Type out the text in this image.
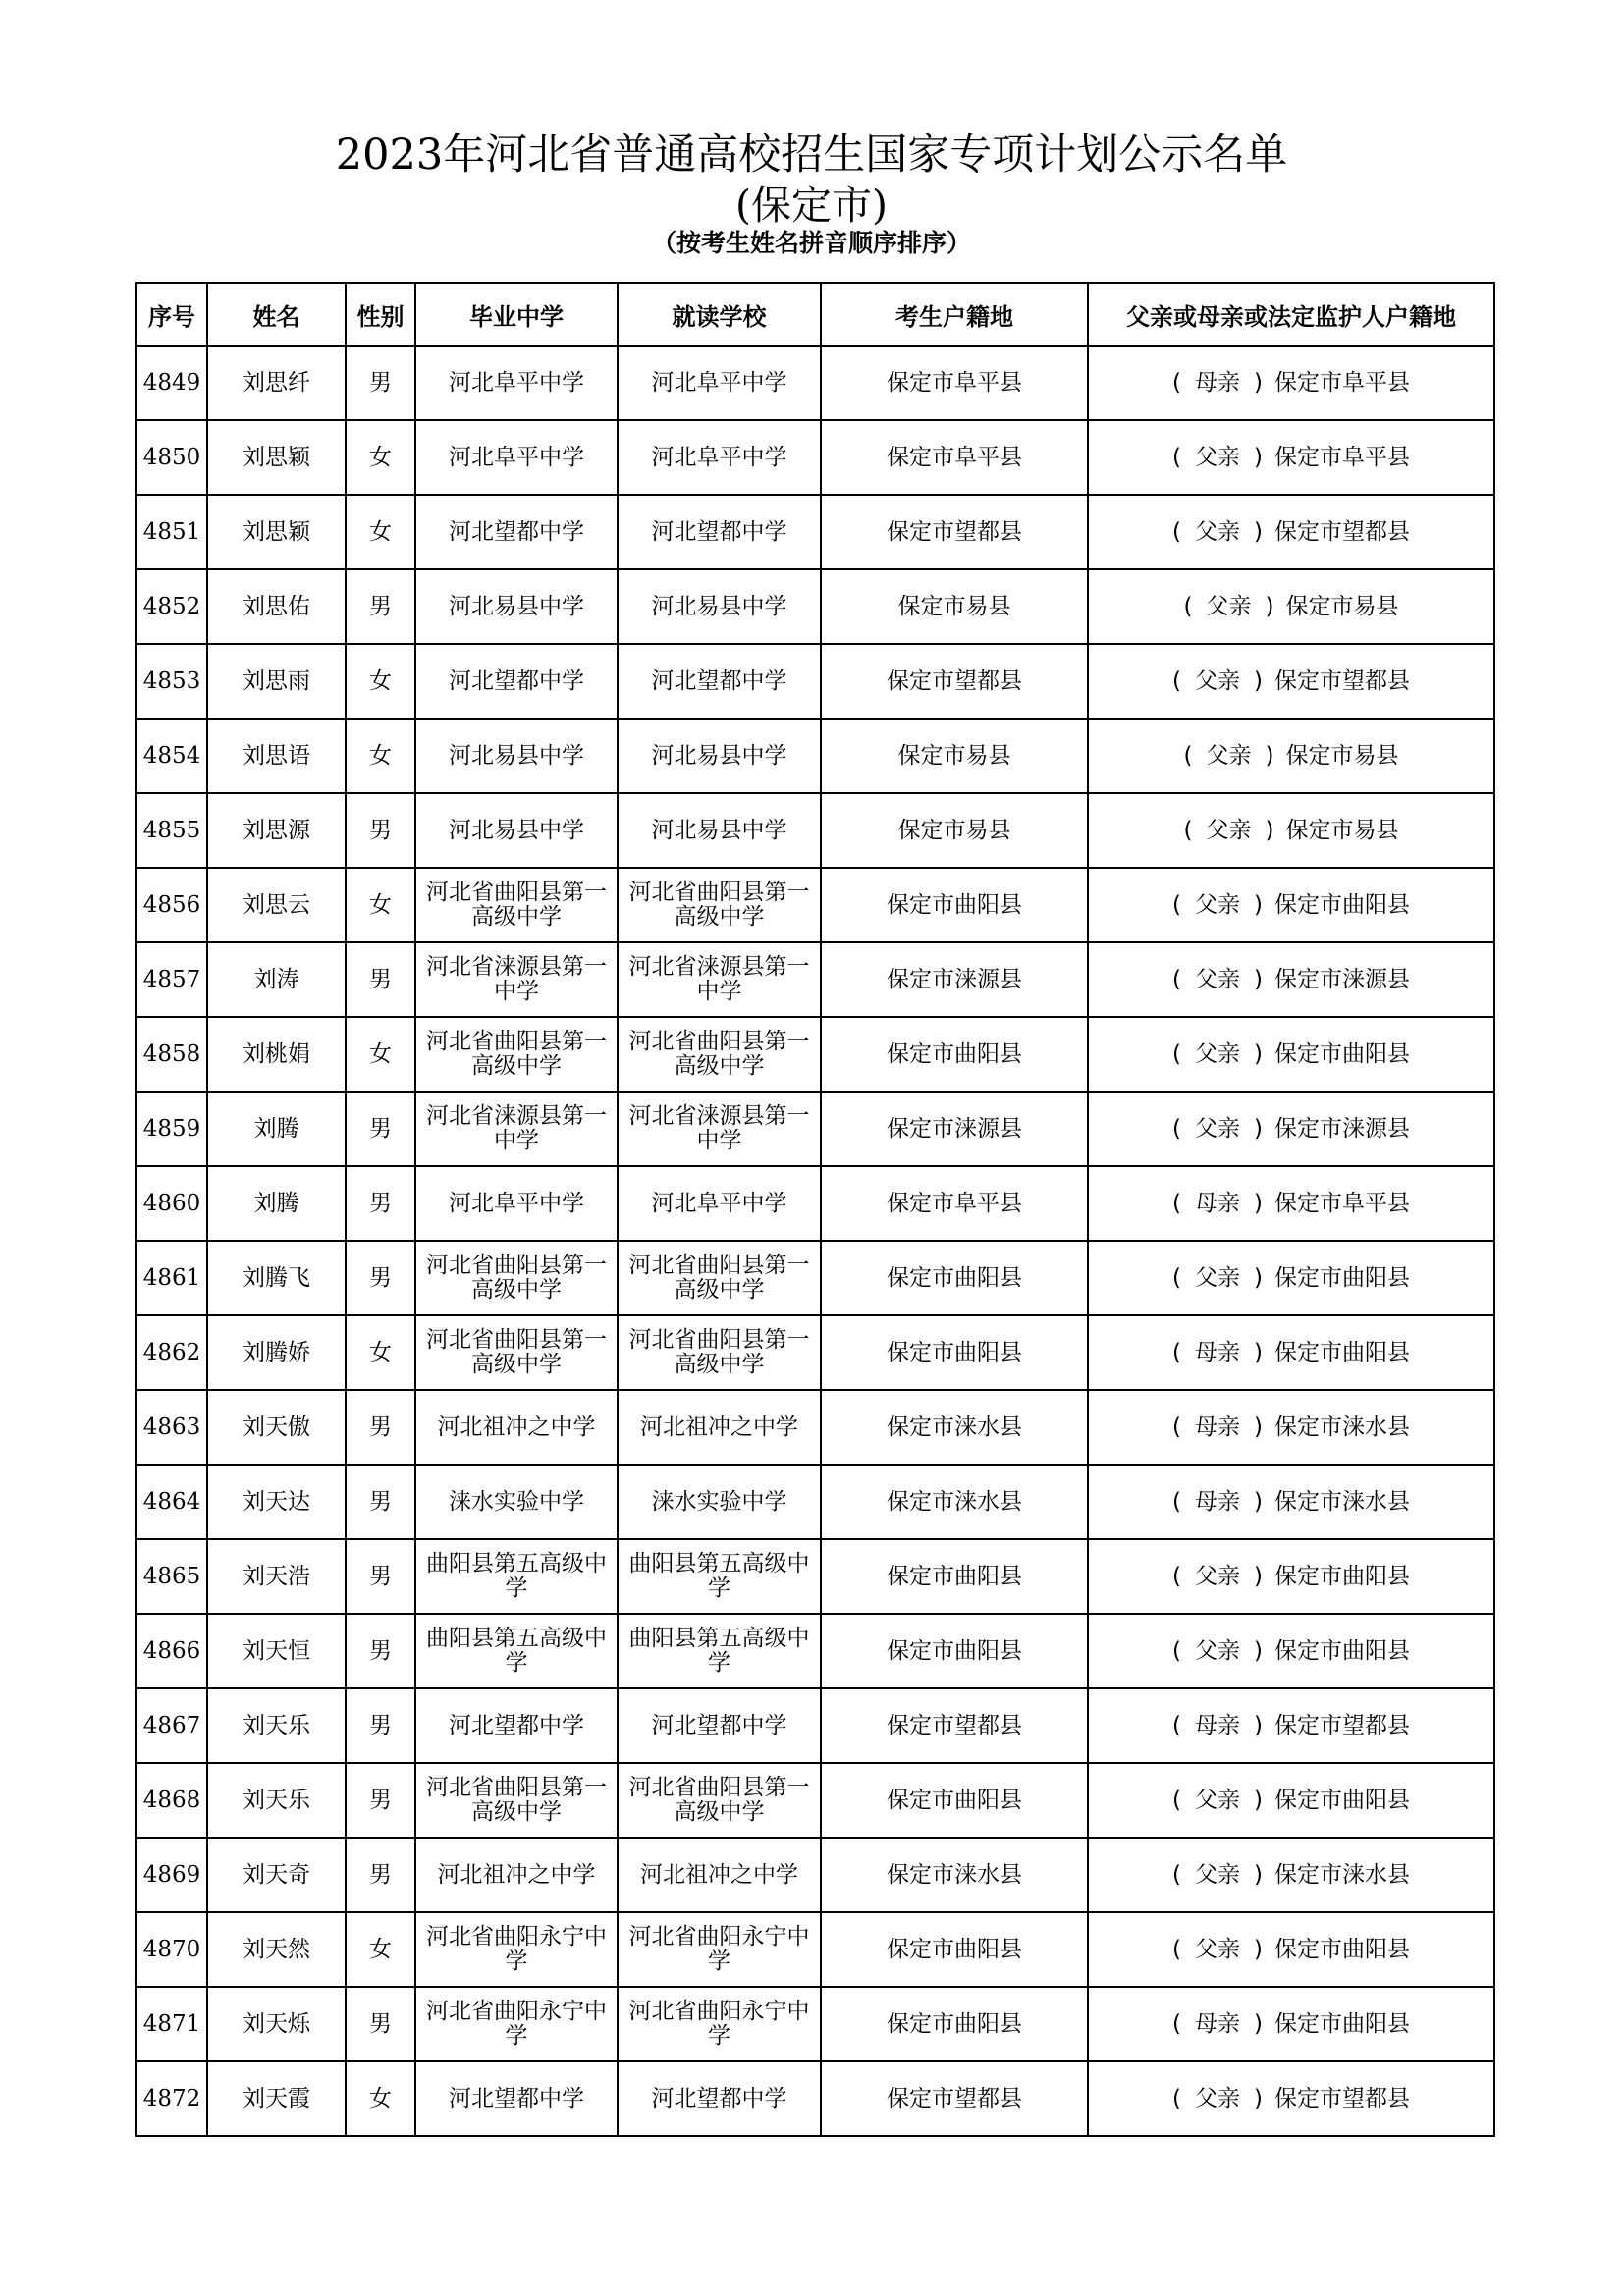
2023年河北省普通高校招生国家专项计划公示名单
(保定市)
（按考生姓名拼音顺序排序）
序号	姓名	性别	毕业中学	就读学校	考生户籍地	父亲或母亲或法定监护人户籍地
4849	刘思纤	男	河北阜平中学	河北阜平中学	保定市阜平县	( 母亲 ) 保定市阜平县
4850	刘思颖	女	河北阜平中学	河北阜平中学	保定市阜平县	( 父亲 ) 保定市阜平县
4851	刘思颖	女	河北望都中学	河北望都中学	保定市望都县	( 父亲 ) 保定市望都县
4852	刘思佑	男	河北易县中学	河北易县中学	保定市易县	( 父亲 ) 保定市易县
4853	刘思雨	女	河北望都中学	河北望都中学	保定市望都县	( 父亲 ) 保定市望都县
4854	刘思语	女	河北易县中学	河北易县中学	保定市易县	( 父亲 ) 保定市易县
4855	刘思源	男	河北易县中学	河北易县中学	保定市易县	( 父亲 ) 保定市易县
4856	刘思云	女	河北省曲阳县第一高级中学	河北省曲阳县第一高级中学	保定市曲阳县	( 父亲 ) 保定市曲阳县
4857	刘涛	男	河北省涞源县第一中学	河北省涞源县第一中学	保定市涞源县	( 父亲 ) 保定市涞源县
4858	刘桃娟	女	河北省曲阳县第一高级中学	河北省曲阳县第一高级中学	保定市曲阳县	( 父亲 ) 保定市曲阳县
4859	刘腾	男	河北省涞源县第一中学	河北省涞源县第一中学	保定市涞源县	( 父亲 ) 保定市涞源县
4860	刘腾	男	河北阜平中学	河北阜平中学	保定市阜平县	( 母亲 ) 保定市阜平县
4861	刘腾飞	男	河北省曲阳县第一高级中学	河北省曲阳县第一高级中学	保定市曲阳县	( 父亲 ) 保定市曲阳县
4862	刘腾娇	女	河北省曲阳县第一高级中学	河北省曲阳县第一高级中学	保定市曲阳县	( 母亲 ) 保定市曲阳县
4863	刘天傲	男	河北祖冲之中学	河北祖冲之中学	保定市涞水县	( 母亲 ) 保定市涞水县
4864	刘天达	男	涞水实验中学	涞水实验中学	保定市涞水县	( 母亲 ) 保定市涞水县
4865	刘天浩	男	曲阳县第五高级中学	曲阳县第五高级中学	保定市曲阳县	( 父亲 ) 保定市曲阳县
4866	刘天恒	男	曲阳县第五高级中学	曲阳县第五高级中学	保定市曲阳县	( 父亲 ) 保定市曲阳县
4867	刘天乐	男	河北望都中学	河北望都中学	保定市望都县	( 母亲 ) 保定市望都县
4868	刘天乐	男	河北省曲阳县第一高级中学	河北省曲阳县第一高级中学	保定市曲阳县	( 父亲 ) 保定市曲阳县
4869	刘天奇	男	河北祖冲之中学	河北祖冲之中学	保定市涞水县	( 父亲 ) 保定市涞水县
4870	刘天然	女	河北省曲阳永宁中学	河北省曲阳永宁中学	保定市曲阳县	( 父亲 ) 保定市曲阳县
4871	刘天烁	男	河北省曲阳永宁中学	河北省曲阳永宁中学	保定市曲阳县	( 母亲 ) 保定市曲阳县
4872	刘天霞	女	河北望都中学	河北望都中学	保定市望都县	( 父亲 ) 保定市望都县
